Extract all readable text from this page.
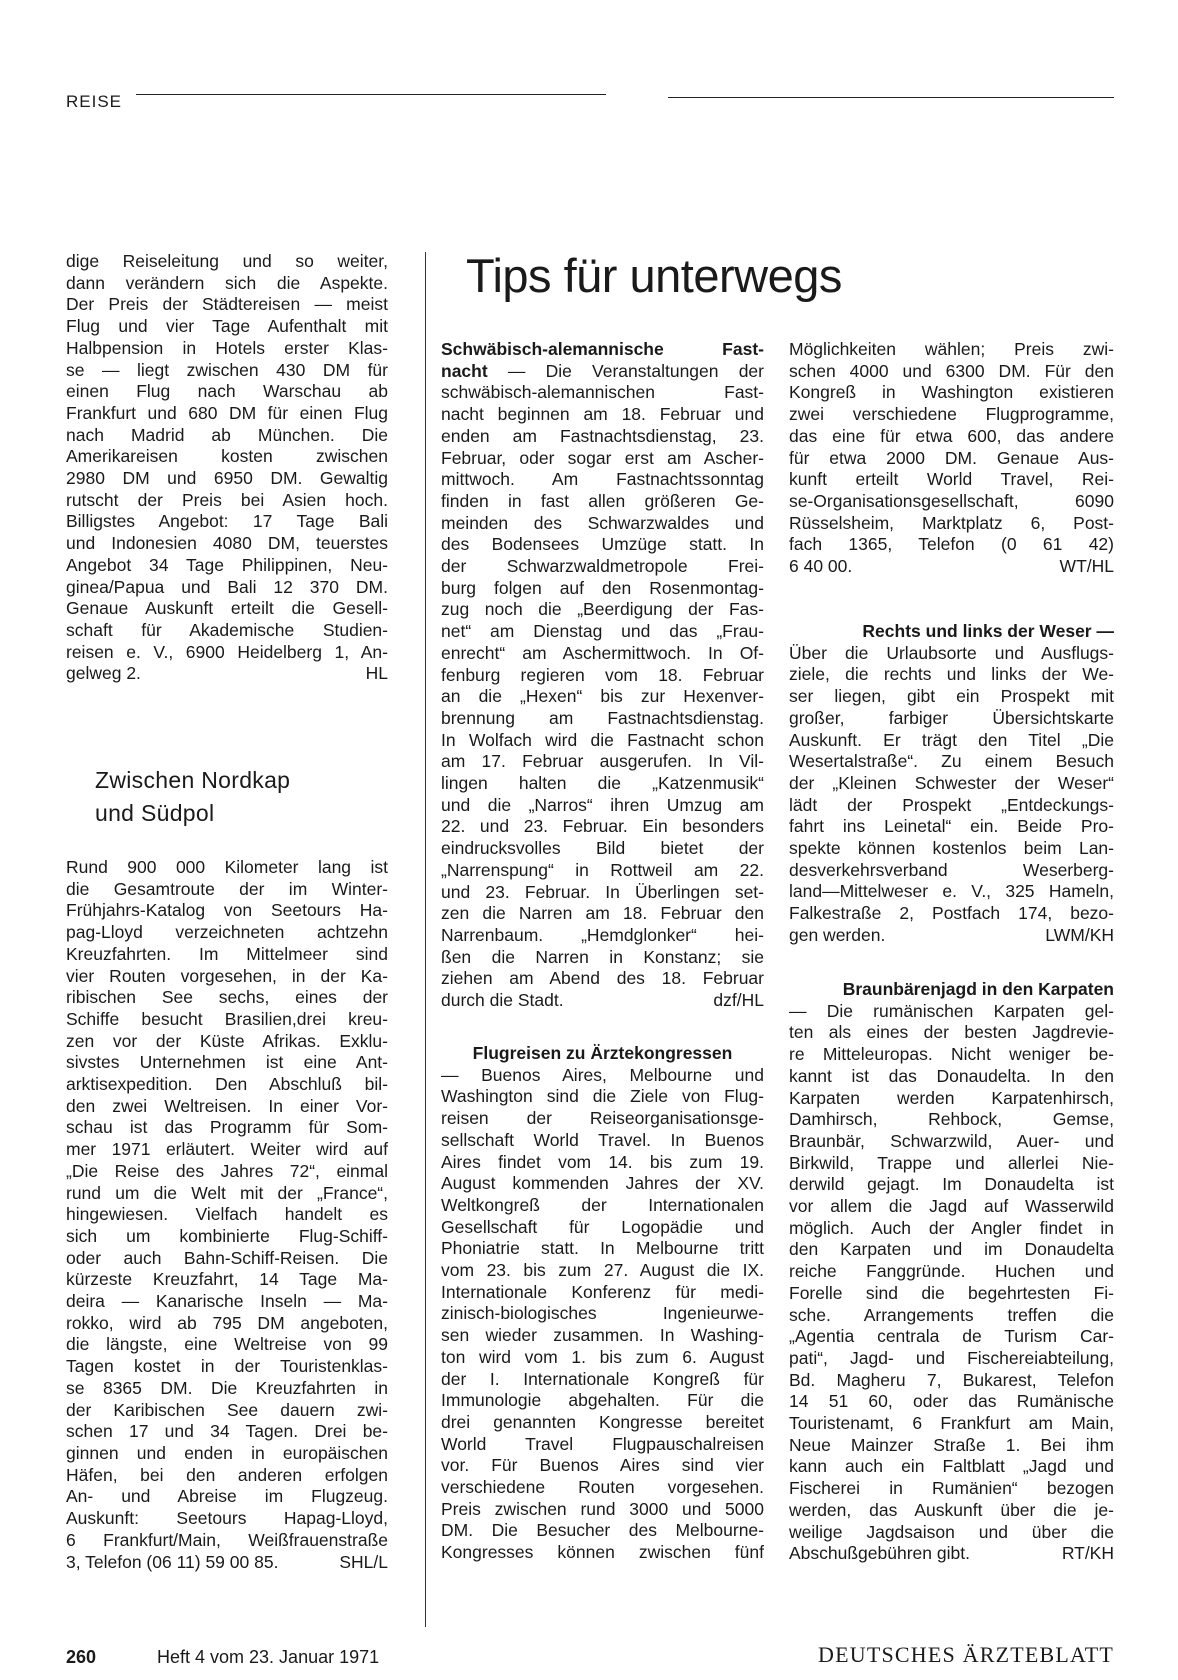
REISE
Tips für unterwegs

dige Reiseleitung und so weiter,

dann verändern sich die Aspekte.

Der Preis der Städtereisen — meist

Flug und vier Tage Aufenthalt mit

Halbpension in Hotels erster Klas-

se — liegt zwischen 430 DM für

einen Flug nach Warschau ab

Frankfurt und 680 DM für einen Flug

nach Madrid ab München. Die

Amerikareisen kosten zwischen

2980 DM und 6950 DM. Gewaltig

rutscht der Preis bei Asien hoch.

Billigstes Angebot: 17 Tage Bali

und Indonesien 4080 DM, teuerstes

Angebot 34 Tage Philippinen, Neu-

ginea/Papua und Bali 12 370 DM.

Genaue Auskunft erteilt die Gesell-

schaft für Akademische Studien-

reisen e. V., 6900 Heidelberg 1, An-

gelweg 2.	HL

Zwischen Nordkap
und Südpol

Rund 900 000 Kilometer lang ist

die Gesamtroute der im Winter-

Frühjahrs-Katalog von Seetours Ha-

pag-Lloyd verzeichneten achtzehn

Kreuzfahrten. Im Mittelmeer sind

vier Routen vorgesehen, in der Ka-

ribischen See sechs, eines der

Schiffe besucht Brasilien,drei kreu-

zen vor der Küste Afrikas. Exklu-

sivstes Unternehmen ist eine Ant-

arktisexpedition. Den Abschluß bil-

den zwei Weltreisen. In einer Vor-

schau ist das Programm für Som-

mer 1971 erläutert. Weiter wird auf

„Die Reise des Jahres 72“, einmal

rund um die Welt mit der „France“,

hingewiesen. Vielfach handelt es

sich um kombinierte Flug-Schiff-

oder auch Bahn-Schiff-Reisen. Die

kürzeste Kreuzfahrt, 14 Tage Ma-

deira — Kanarische Inseln — Ma-

rokko, wird ab 795 DM angeboten,

die längste, eine Weltreise von 99

Tagen kostet in der Touristenklas-

se 8365 DM. Die Kreuzfahrten in

der Karibischen See dauern zwi-

schen 17 und 34 Tagen. Drei be-

ginnen und enden in europäischen

Häfen, bei den anderen erfolgen

An- und Abreise im Flugzeug.

Auskunft: Seetours Hapag-Lloyd,

6 Frankfurt/Main, Weißfrauenstraße

3, Telefon (06 11) 59 00 85.	SHL/L

Schwäbisch-alemannische Fast-

nacht — Die Veranstaltungen der

schwäbisch-alemannischen Fast-

nacht beginnen am 18. Februar und

enden am Fastnachtsdienstag, 23.

Februar, oder sogar erst am Ascher-

mittwoch. Am Fastnachtssonntag

finden in fast allen größeren Ge-

meinden des Schwarzwaldes und

des Bodensees Umzüge statt. In

der Schwarzwaldmetropole Frei-

burg folgen auf den Rosenmontag-

zug noch die „Beerdigung der Fas-

net“ am Dienstag und das „Frau-

enrecht“ am Aschermittwoch. In Of-

fenburg regieren vom 18. Februar

an die „Hexen“ bis zur Hexenver-

brennung am Fastnachtsdienstag.

In Wolfach wird die Fastnacht schon

am 17. Februar ausgerufen. In Vil-

lingen halten die „Katzenmusik“

und die „Narros“ ihren Umzug am

22. und 23. Februar. Ein besonders

eindrucksvolles Bild bietet der

„Narrenspung“ in Rottweil am 22.

und 23. Februar. In Überlingen set-

zen die Narren am 18. Februar den

Narrenbaum. „Hemdglonker“ hei-

ßen die Narren in Konstanz; sie

ziehen am Abend des 18. Februar

durch die Stadt.	dzf/HL

Flugreisen zu Ärztekongressen

— Buenos Aires, Melbourne und

Washington sind die Ziele von Flug-

reisen der Reiseorganisationsge-

sellschaft World Travel. In Buenos

Aires findet vom 14. bis zum 19.

August kommenden Jahres der XV.

Weltkongreß der Internationalen

Gesellschaft für Logopädie und

Phoniatrie statt. In Melbourne tritt

vom 23. bis zum 27. August die IX.

Internationale Konferenz für medi-

zinisch-biologisches Ingenieurwe-

sen wieder zusammen. In Washing-

ton wird vom 1. bis zum 6. August

der I. Internationale Kongreß für

Immunologie abgehalten. Für die

drei genannten Kongresse bereitet

World Travel Flugpauschalreisen

vor. Für Buenos Aires sind vier

verschiedene Routen vorgesehen.

Preis zwischen rund 3000 und 5000

DM. Die Besucher des Melbourne-

Kongresses können zwischen fünf

Möglichkeiten wählen; Preis zwi-

schen 4000 und 6300 DM. Für den

Kongreß in Washington existieren

zwei verschiedene Flugprogramme,

das eine für etwa 600, das andere

für etwa 2000 DM. Genaue Aus-

kunft erteilt World Travel, Rei-

se-Organisationsgesellschaft, 6090

Rüsselsheim, Marktplatz 6, Post-

fach 1365, Telefon (0 61 42)

6 40 00.	WT/HL

Rechts und links der Weser —

Über die Urlaubsorte und Ausflugs-

ziele, die rechts und links der We-

ser liegen, gibt ein Prospekt mit

großer, farbiger Übersichtskarte

Auskunft. Er trägt den Titel „Die

Wesertalstraße“. Zu einem Besuch

der „Kleinen Schwester der Weser“

lädt der Prospekt „Entdeckungs-

fahrt ins Leinetal“ ein. Beide Pro-

spekte können kostenlos beim Lan-

desverkehrsverband Weserberg-

land—Mittelweser e. V., 325 Hameln,

Falkestraße 2, Postfach 174, bezo-

gen werden.	LWM/KH

Braunbärenjagd in den Karpaten

— Die rumänischen Karpaten gel-

ten als eines der besten Jagdrevie-

re Mitteleuropas. Nicht weniger be-

kannt ist das Donaudelta. In den

Karpaten werden Karpatenhirsch,

Damhirsch, Rehbock, Gemse,

Braunbär, Schwarzwild, Auer- und

Birkwild, Trappe und allerlei Nie-

derwild gejagt. Im Donaudelta ist

vor allem die Jagd auf Wasserwild

möglich. Auch der Angler findet in

den Karpaten und im Donaudelta

reiche Fanggründe. Huchen und

Forelle sind die begehrtesten Fi-

sche. Arrangements treffen die

„Agentia centrala de Turism Car-

pati“, Jagd- und Fischereiabteilung,

Bd. Magheru 7, Bukarest, Telefon

14 51 60, oder das Rumänische

Touristenamt, 6 Frankfurt am Main,

Neue Mainzer Straße 1. Bei ihm

kann auch ein Faltblatt „Jagd und

Fischerei in Rumänien“ bezogen

werden, das Auskunft über die je-

weilige Jagdsaison und über die

Abschußgebühren gibt.	RT/KH

260	Heft 4 vom 23. Januar 1971	DEUTSCHES ÄRZTEBLATT
